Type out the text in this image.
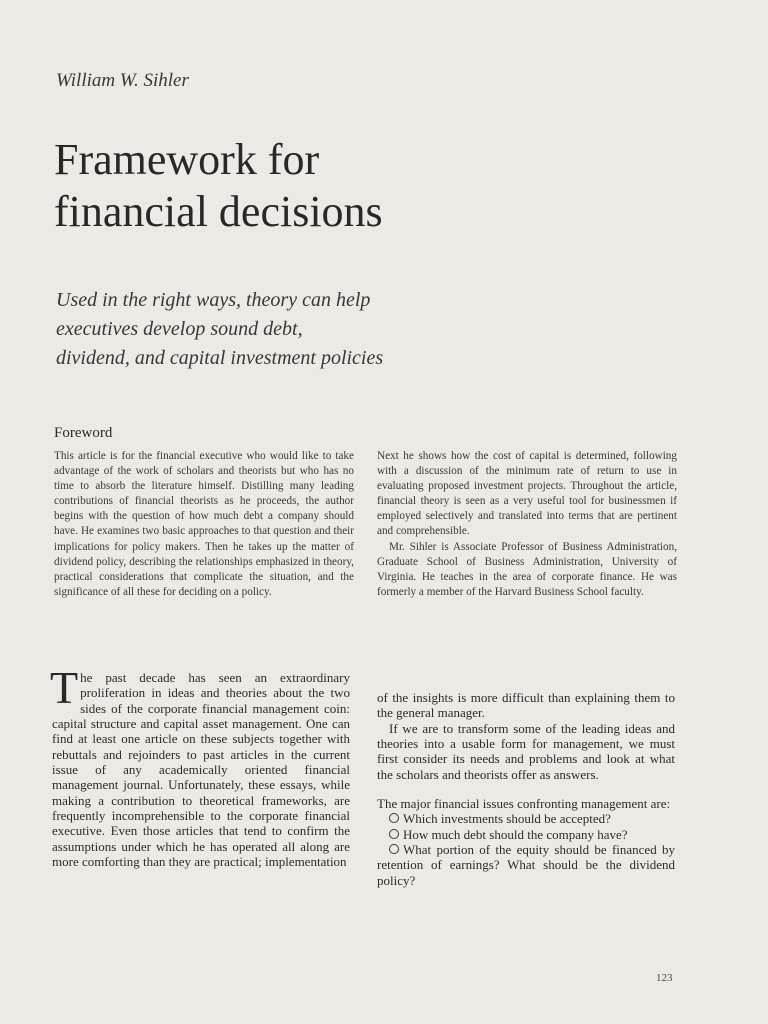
William W. Sihler
Framework for
financial decisions
Used in the right ways, theory can help
executives develop sound debt,
dividend, and capital investment policies
Foreword

This article is for the financial executive who would like to take advantage of the work of scholars and theorists but who has no time to absorb the literature himself. Distilling many leading contributions of financial theorists as he proceeds, the author begins with the question of how much debt a company should have. He examines two basic approaches to that question and their implications for policy makers. Then he takes up the matter of dividend policy, describing the relationships emphasized in theory, practical considerations that complicate the situation, and the significance of all these for deciding on a policy.

Next he shows how the cost of capital is determined, following with a discussion of the minimum rate of return to use in evaluating proposed investment projects. Throughout the article, financial theory is seen as a very useful tool for businessmen if employed selectively and translated into terms that are pertinent and comprehensible.

Mr. Sihler is Associate Professor of Business Administration, Graduate School of Business Administration, University of Virginia. He teaches in the area of corporate finance. He was formerly a member of the Harvard Business School faculty.

The past decade has seen an extraordinary proliferation in ideas and theories about the two sides of the corporate financial management coin: capital structure and capital asset management. One can find at least one article on these subjects together with rebuttals and rejoinders to past articles in the current issue of any academically oriented financial management journal. Unfortunately, these essays, while making a contribution to theoretical frameworks, are frequently incomprehensible to the corporate financial executive. Even those articles that tend to confirm the assumptions under which he has operated all along are more comforting than they are practical; implementation

of the insights is more difficult than explaining them to the general manager.

If we are to transform some of the leading ideas and theories into a usable form for management, we must first consider its needs and problems and look at what the scholars and theorists offer as answers.

The major financial issues confronting management are:

Which investments should be accepted?

How much debt should the company have?

What portion of the equity should be financed by retention of earnings? What should be the dividend policy?

123
